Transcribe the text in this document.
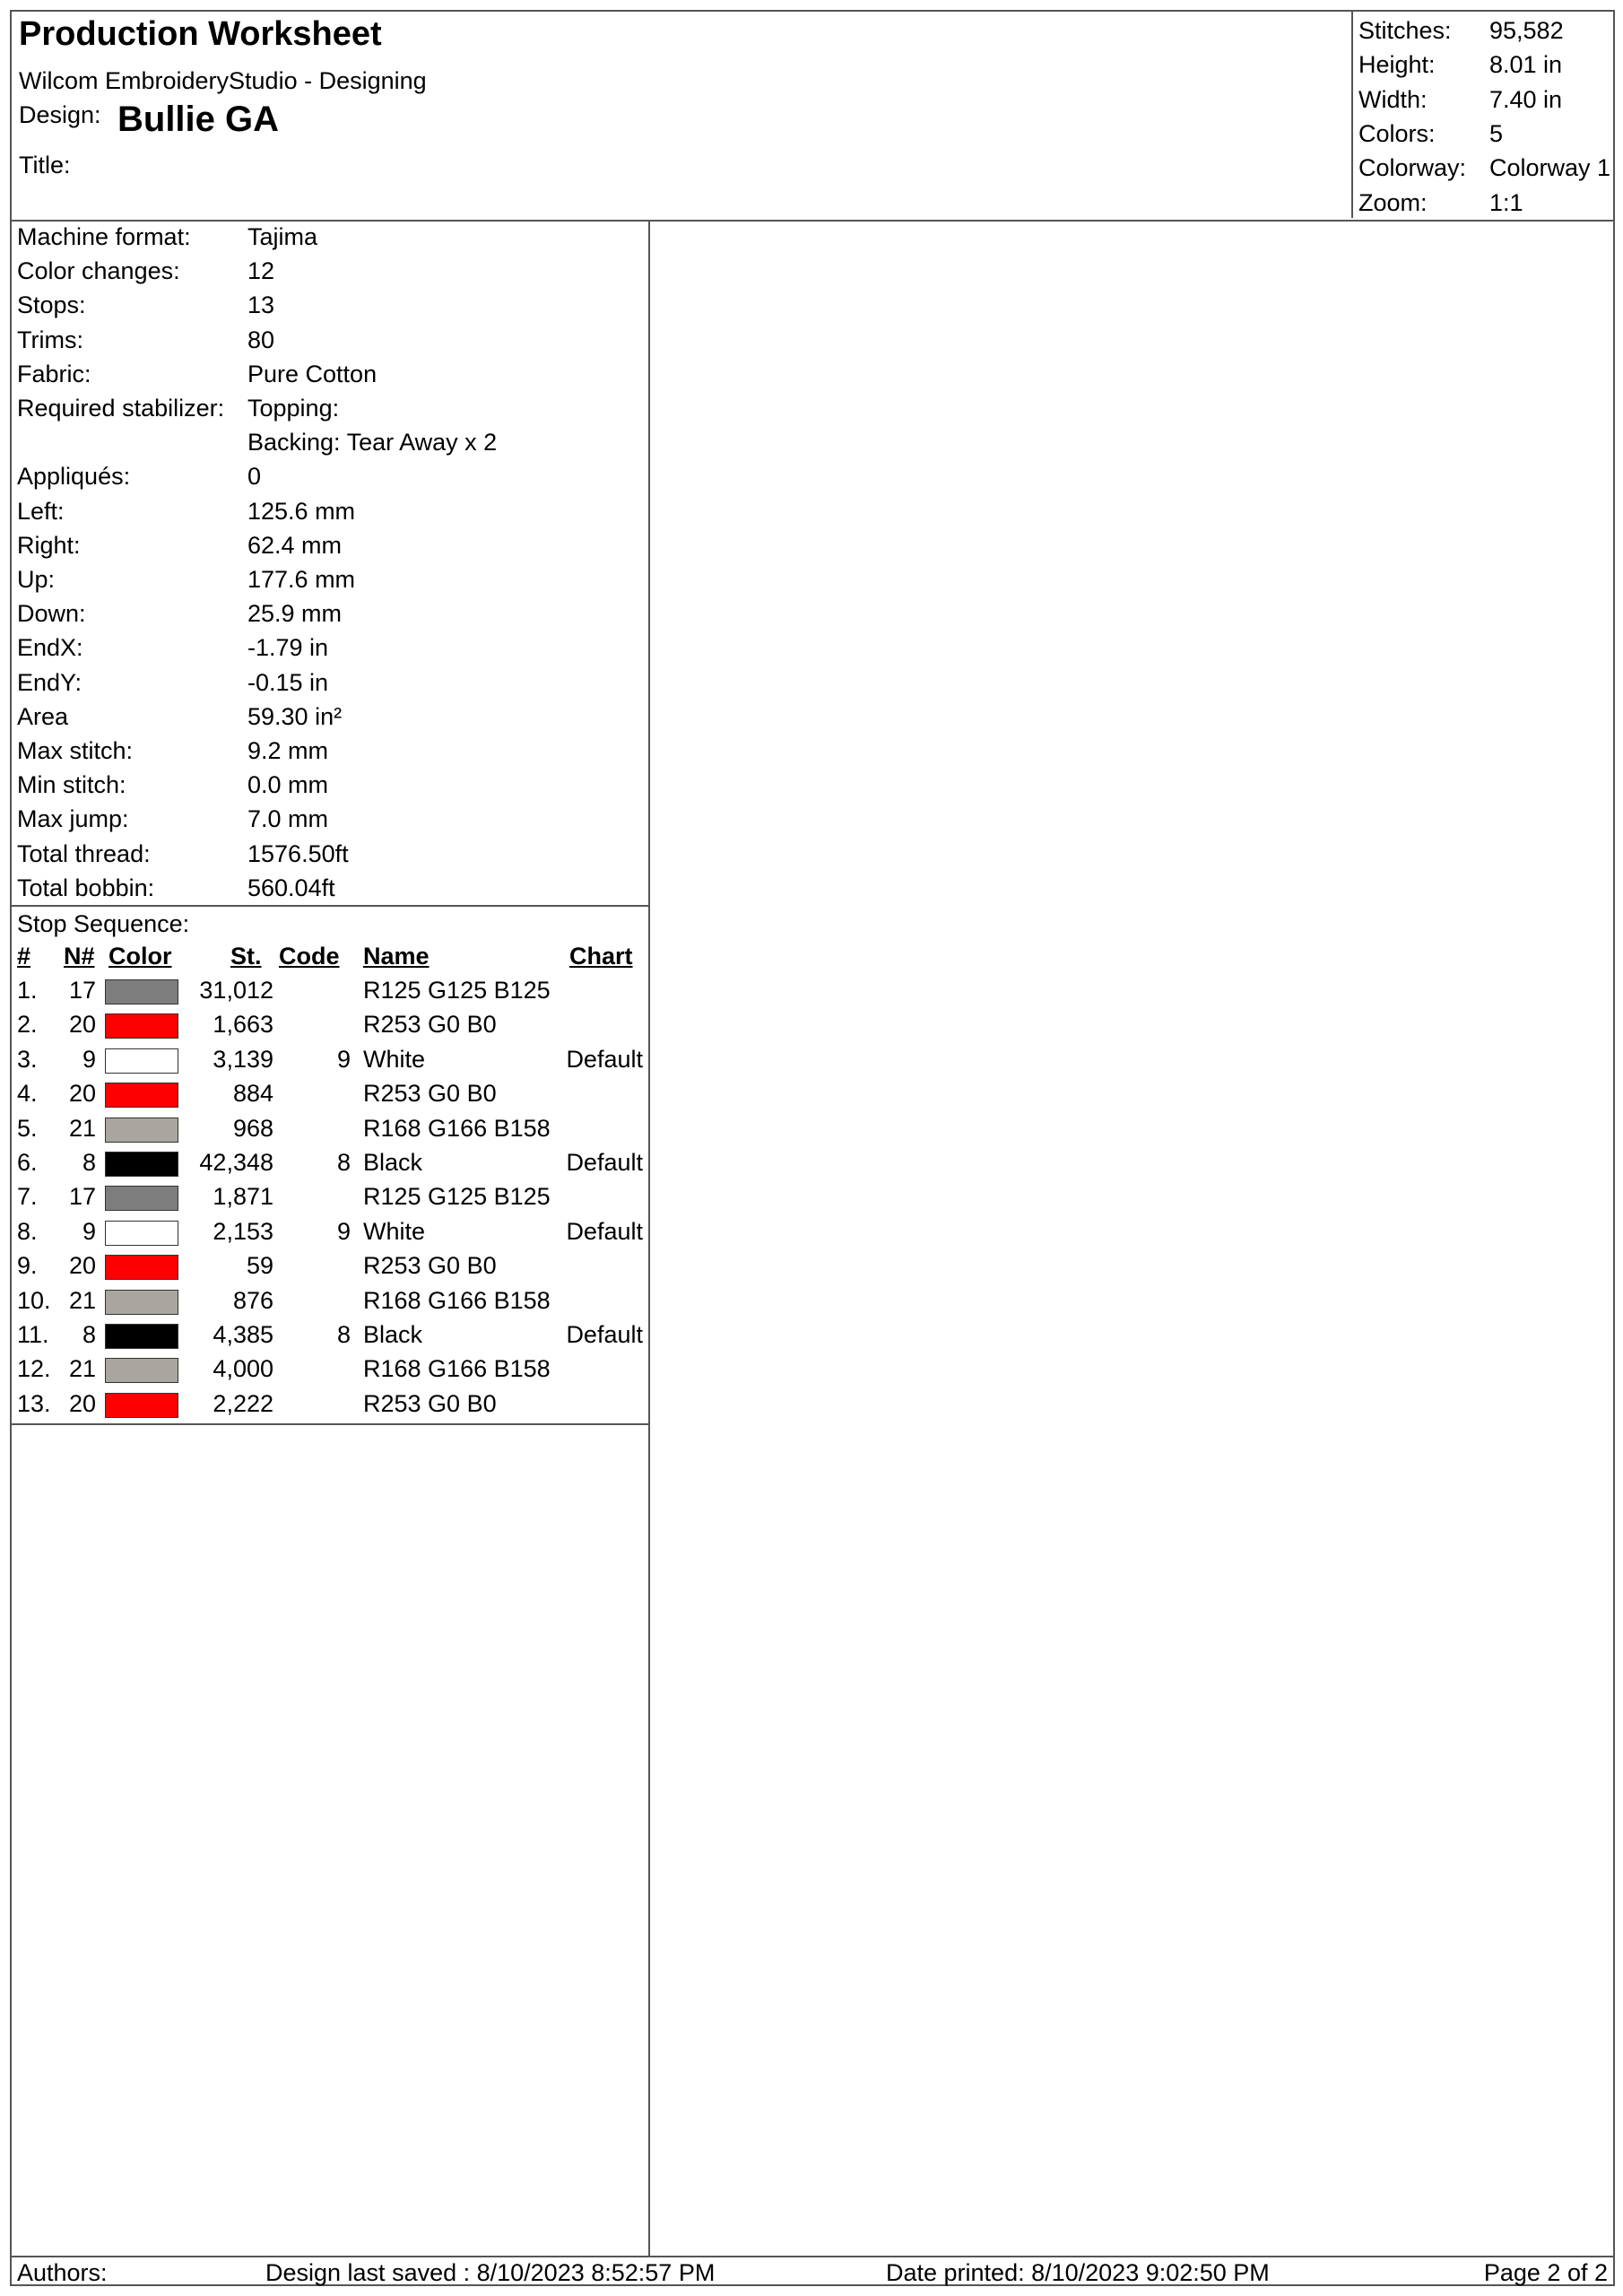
Production Worksheet
Wilcom EmbroideryStudio - Designing
Design: Bullie GA
Title:
Stitches: 95,582
Height: 8.01 in
Width:	7.40 in
Colors: 5
Colorway: Colorway 1
Zoom:	1:1
Machine format: Tajima
Color changes:	12
Stops:	13
Trims:	80
Fabric:	Pure Cotton
Required stabilizer: Topping:
Backing: Tear Away x 2
Appliqués:	0
Left:	125.6 mm
Right:	62.4 mm
Up:	177.6 mm
Down:	25.9 mm
EndX:	-1.79 in
EndY:	-0.15 in
Area	59.30 in²
Max stitch:	9.2 mm
Min stitch:	0.0 mm
Max jump:	7.0 mm
Total thread:	1576.50ft
Total bobbin:	560.04ft
Stop Sequence:
# N# Color St. Code Name	Chart
1. 17	31,012	R125 G125 B125
2. 20	1,663	R253 G0 B0
3.	9	3,139	9 White	Default
4. 20	884	R253 G0 B0
5. 21	968	R168 G166 B158
6.	8	42,348	8 Black	Default
7. 17	1,871	R125 G125 B125
8.	9	2,153	9 White	Default
9. 20	59	R253 G0 B0
10. 21	876	R168 G166 B158
11.	8	4,385	8 Black	Default
12. 21	4,000	R168 G166 B158
13. 20	2,222	R253 G0 B0
Authors:	Design last saved : 8/10/2023 8:52:57 PM	Date printed: 8/10/2023 9:02:50 PM	Page 2 of 2
